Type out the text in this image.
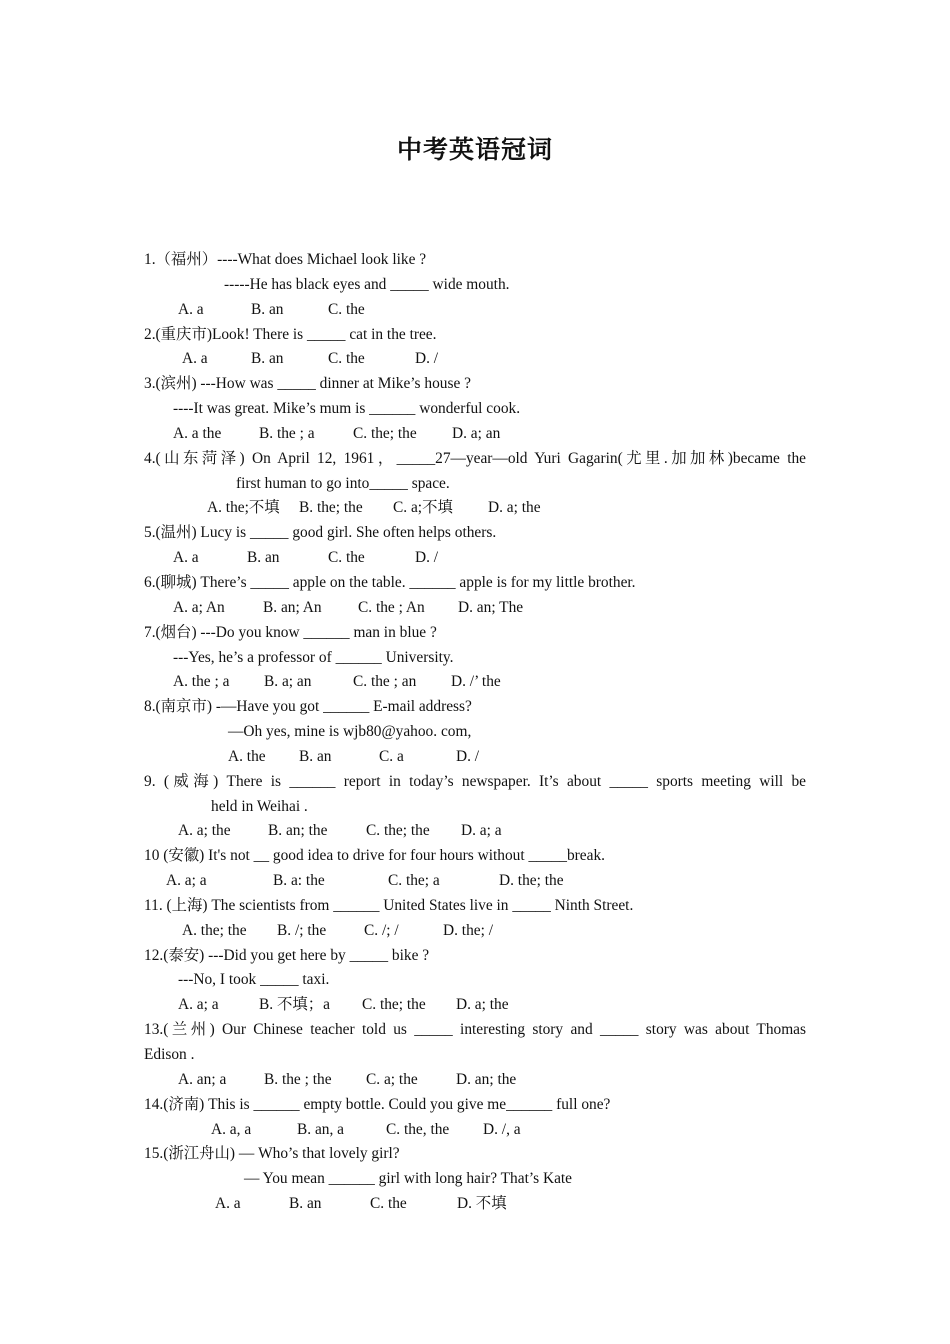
中考英语冠词
1.（福州）----What does Michael look like ?
-----He has black eyes and _____ wide mouth.
A. a	B. an	C. the
2.(重庆市)Look! There is _____ cat in the tree.
A. a	B. an	C. the	D. /
3.(滨州) ---How was _____ dinner at Mike’s house ?
----It was great. Mike’s mum is ______ wonderful cook.
A. a the B. the ; a C. the; the D. a; an
4.(山东菏泽) On April 12, 1961，_____27—year—old Yuri Gagarin(尤里.加加林)became the
first human to go into_____ space.
A. the;不填 B. the; the C. a;不填 D. a; the
5.(温州) Lucy is _____ good girl. She often helps others.
A. a	B. an	C. the	D. /
6.(聊城) There’s _____ apple on the table. ______ apple is for my little brother.
A. a; An B. an; An C. the ; An D. an; The
7.(烟台) ---Do you know ______ man in blue ?
---Yes, he’s a professor of ______ University.
A. the ; a B. a; an	C. the ; an D. /’ the
8.(南京市) -—Have you got ______ E-mail address?
—Oh yes, mine is wjb80@yahoo. com,
A. the B. an	C. a	D. /
9. (威海) There is ______ report in today’s newspaper. It’s about _____ sports meeting will be
held in Weihai .
A. a; the B. an; the	C. the; the D. a; a
10 (安徽) It's not __ good idea to drive for four hours without _____break.
A. a; a	B. a: the	C. the; a	D. the; the
11. (上海) The scientists from ______ United States live in _____ Ninth Street.
A. the; the B. /; the C. /; /	D. the; /
12.(泰安) ---Did you get here by _____ bike ?
---No, I took _____ taxi.
A. a; a	B. 不填；a C. the; the D. a; the
13.(兰州) Our Chinese teacher told us _____ interesting story and _____ story was about Thomas
Edison .
A. an; a B. the ; the C. a; the D. an; the
14.(济南) This is ______ empty bottle. Could you give me______ full one?
A. a, a	B. an, a	C. the, the D. /, a
15.(浙江舟山) — Who’s that lovely girl?
— You mean ______ girl with long hair? That’s Kate
A. a	B. an	C. the	D. 不填
